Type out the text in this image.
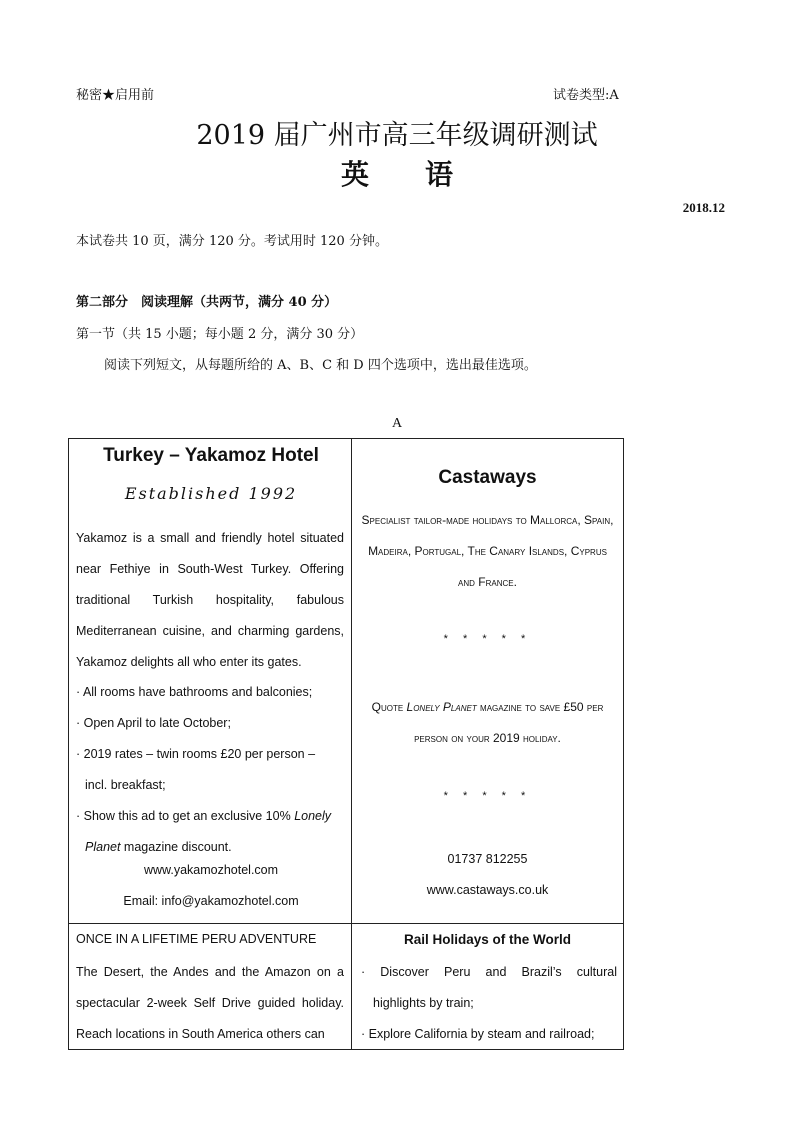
秘密★启用前	试卷类型:A
2019 届广州市高三年级调研测试
英　　语
2018.12
本试卷共 10 页，满分 120 分。考试用时 120 分钟。
第二部分　阅读理解（共两节，满分 40 分）
第一节（共 15 小题；每小题 2 分，满分 30 分）
阅读下列短文，从每题所给的 A、B、C 和 D 四个选项中，选出最佳选项。
A
Turkey – Yakamoz Hotel
Established 1992
Yakamoz is a small and friendly hotel situated near Fethiye in South-West Turkey. Offering traditional Turkish hospitality, fabulous Mediterranean cuisine, and charming gardens, Yakamoz delights all who enter its gates.
· All rooms have bathrooms and balconies;
· Open April to late October;
· 2019 rates – twin rooms £20 per person –
incl. breakfast;
· Show this ad to get an exclusive 10% Lonely
Planet magazine discount.
www.yakamozhotel.com
Email: info@yakamozhotel.com
Castaways
Specialist tailor-made holidays to Mallorca, Spain, Madeira, Portugal, The Canary Islands, Cyprus and France.
* * * * *
Quote Lonely Planet magazine to save £50 per person on your 2019 holiday.
* * * * *
01737 812255
www.castaways.co.uk
ONCE IN A LIFETIME PERU ADVENTURE
The Desert, the Andes and the Amazon on a spectacular 2-week Self Drive guided holiday. Reach locations in South America others can
Rail Holidays of the World
· Discover Peru and Brazil’s cultural
highlights by train;
· Explore California by steam and railroad;
